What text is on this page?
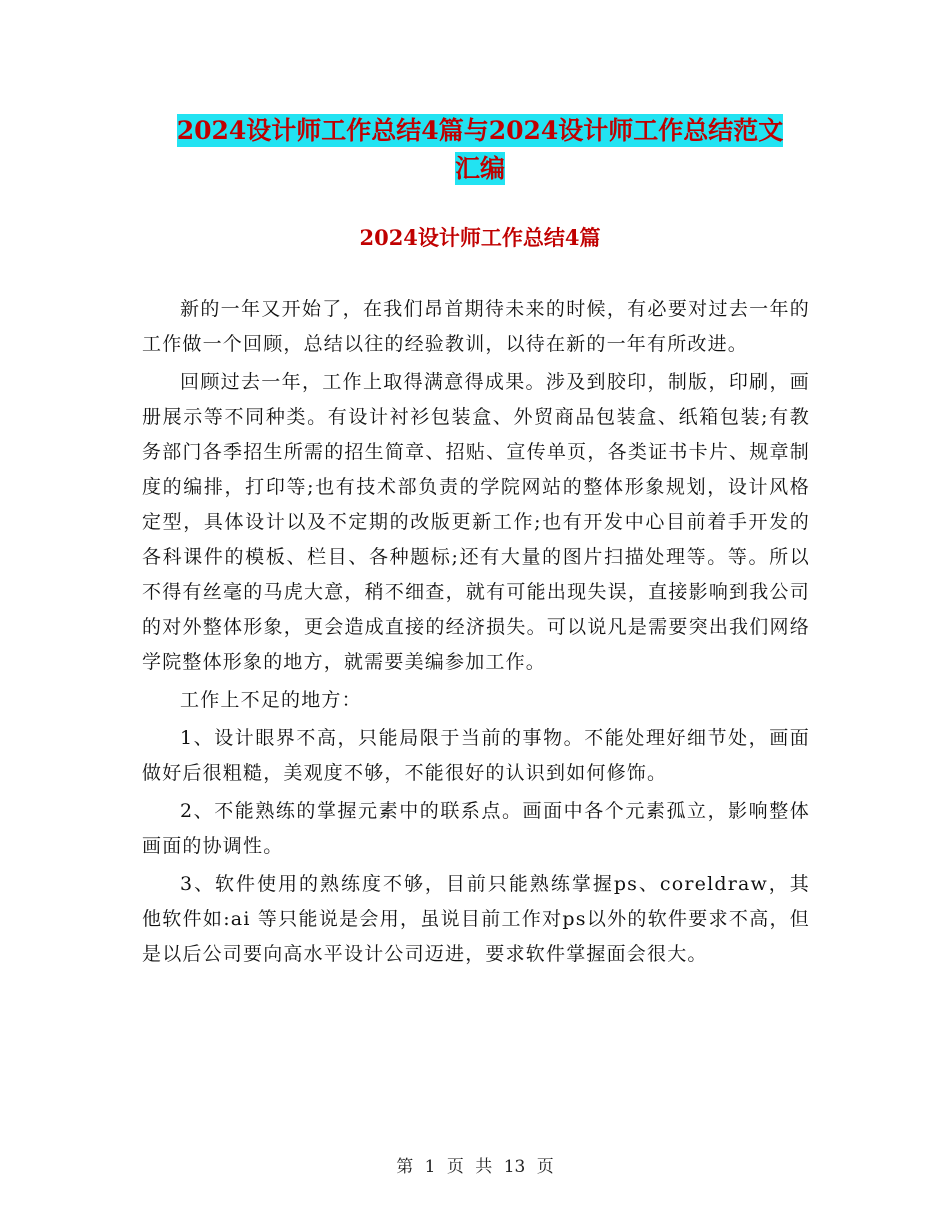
2024设计师工作总结4篇与2024设计师工作总结范文
汇编
2024设计师工作总结4篇

新的一年又开始了，在我们昂首期待未来的时候，有必要对过去一年的工作做一个回顾，总结以往的经验教训，以待在新的一年有所改进。

回顾过去一年，工作上取得满意得成果。涉及到胶印，制版，印刷，画册展示等不同种类。有设计衬衫包装盒、外贸商品包装盒、纸箱包装;有教务部门各季招生所需的招生简章、招贴、宣传单页，各类证书卡片、规章制度的编排，打印等;也有技术部负责的学院网站的整体形象规划，设计风格定型，具体设计以及不定期的改版更新工作;也有开发中心目前着手开发的各科课件的模板、栏目、各种题标;还有大量的图片扫描处理等。等。所以不得有丝毫的马虎大意，稍不细查，就有可能出现失误，直接影响到我公司的对外整体形象，更会造成直接的经济损失。可以说凡是需要突出我们网络学院整体形象的地方，就需要美编参加工作。

工作上不足的地方：

1、设计眼界不高，只能局限于当前的事物。不能处理好细节处，画面做好后很粗糙，美观度不够，不能很好的认识到如何修饰。

2、不能熟练的掌握元素中的联系点。画面中各个元素孤立，影响整体画面的协调性。

3、软件使用的熟练度不够，目前只能熟练掌握ps、coreldraw，其他软件如:ai 等只能说是会用，虽说目前工作对ps以外的软件要求不高，但是以后公司要向高水平设计公司迈进，要求软件掌握面会很大。

第 1 页 共 13 页
